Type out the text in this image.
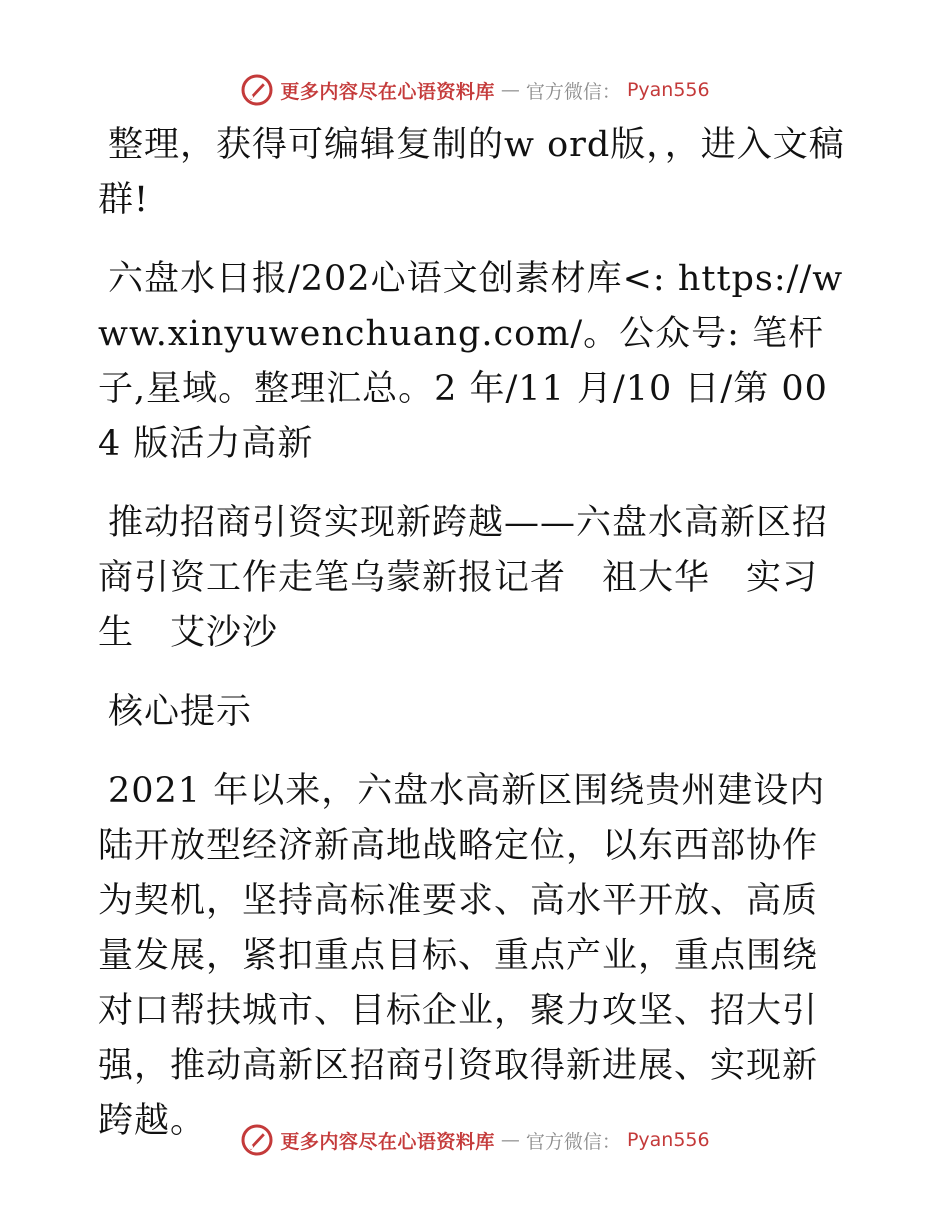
更多内容尽在心语资料库 — 官方微信： Pyan556

整理，获得可编辑复制的w ord版，，进入文稿群!

六盘水日报/202心语文创素材库<: https://www.xinyuwenchuang.com/。公众号: 笔杆子,星域。整理汇总。2 年/11 月/10 日/第 004 版活力高新

推动招商引资实现新跨越——六盘水高新区招商引资工作走笔乌蒙新报记者　祖大华　实习生　艾沙沙

核心提示

2021 年以来，六盘水高新区围绕贵州建设内陆开放型经济新高地战略定位，以东西部协作为契机，坚持高标准要求、高水平开放、高质量发展，紧扣重点目标、重点产业，重点围绕对口帮扶城市、目标企业，聚力攻坚、招大引强，推动高新区招商引资取得新进展、实现新跨越。

更多内容尽在心语资料库 — 官方微信： Pyan556
